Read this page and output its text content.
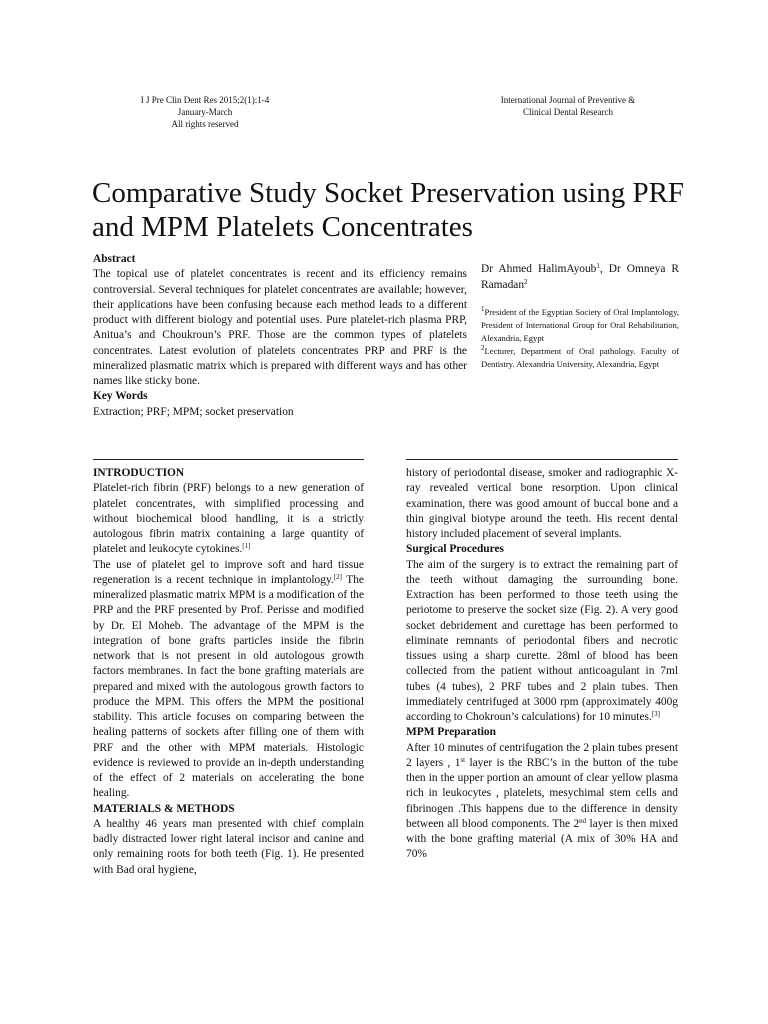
I J Pre Clin Dent Res 2015;2(1):1-4
January-March
All rights reserved
International Journal of Preventive &
Clinical Dental Research
Comparative Study Socket Preservation using PRF and MPM Platelets Concentrates
Abstract

The topical use of platelet concentrates is recent and its efficiency remains controversial. Several techniques for platelet concentrates are available; however, their applications have been confusing because each method leads to a different product with different biology and potential uses. Pure platelet-rich plasma PRP, Anitua’s and Choukroun’s PRF. Those are the common types of platelets concentrates. Latest evolution of platelets concentrates PRP and PRF is the mineralized plasmatic matrix which is prepared with different ways and has other names like sticky bone.

Key Words

Extraction; PRF; MPM; socket preservation

Dr Ahmed HalimAyoub$^1$, Dr Omneya R Ramadan$^2$

$^1$President of the Egyptian Society of Oral Implantology, President of International Group for Oral Rehabilitation, Alexandria, Egypt

$^2$Lecturer, Department of Oral pathology. Faculty of Dentistry. Alexandria University, Alexandria, Egypt

INTRODUCTION

Platelet-rich fibrin (PRF) belongs to a new generation of platelet concentrates, with simplified processing and without biochemical blood handling, it is a strictly autologous fibrin matrix containing a large quantity of platelet and leukocyte cytokines.[1]

The use of platelet gel to improve soft and hard tissue regeneration is a recent technique in implantology.[2] The mineralized plasmatic matrix MPM is a modification of the PRP and the PRF presented by Prof. Perisse and modified by Dr. El Moheb. The advantage of the MPM is the integration of bone grafts particles inside the fibrin network that is not present in old autologous growth factors membranes. In fact the bone grafting materials are prepared and mixed with the autologous growth factors to produce the MPM. This offers the MPM the positional stability. This article focuses on comparing between the healing patterns of sockets after filling one of them with PRF and the other with MPM materials. Histologic evidence is reviewed to provide an in-depth understanding of the effect of 2 materials on accelerating the bone healing.

MATERIALS & METHODS

A healthy 46 years man presented with chief complain badly distracted lower right lateral incisor and canine and only remaining roots for both teeth (Fig. 1). He presented with Bad oral hygiene,

history of periodontal disease, smoker and radiographic X-ray revealed vertical bone resorption. Upon clinical examination, there was good amount of buccal bone and a thin gingival biotype around the teeth. His recent dental history included placement of several implants.

Surgical Procedures

The aim of the surgery is to extract the remaining part of the teeth without damaging the surrounding bone. Extraction has been performed to those teeth using the periotome to preserve the socket size (Fig. 2). A very good socket debridement and curettage has been performed to eliminate remnants of periodontal fibers and necrotic tissues using a sharp curette. 28ml of blood has been collected from the patient without anticoagulant in 7ml tubes (4 tubes), 2 PRF tubes and 2 plain tubes. Then immediately centrifuged at 3000 rpm (approximately 400g according to Chokroun’s calculations) for 10 minutes.[3]

MPM Preparation

After 10 minutes of centrifugation the 2 plain tubes present 2 layers , 1st layer is the RBC’s in the button of the tube then in the upper portion an amount of clear yellow plasma rich in leukocytes , platelets, mesychimal stem cells and fibrinogen .This happens due to the difference in density between all blood components. The 2nd layer is then mixed with the bone grafting material (A mix of 30% HA and 70%
